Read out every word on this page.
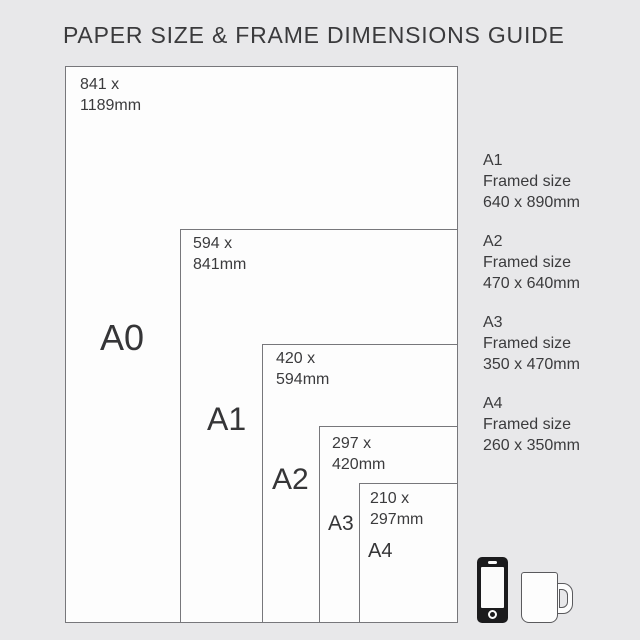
PAPER SIZE & FRAME DIMENSIONS GUIDE
841 x
1189mm
594 x
841mm
420 x
594mm
297 x
420mm
210 x
297mm
A0
A1
A2
A3
A4
A1
Framed size
640 x 890mm
A2
Framed size
470 x 640mm
A3
Framed size
350 x 470mm
A4
Framed size
260 x 350mm
